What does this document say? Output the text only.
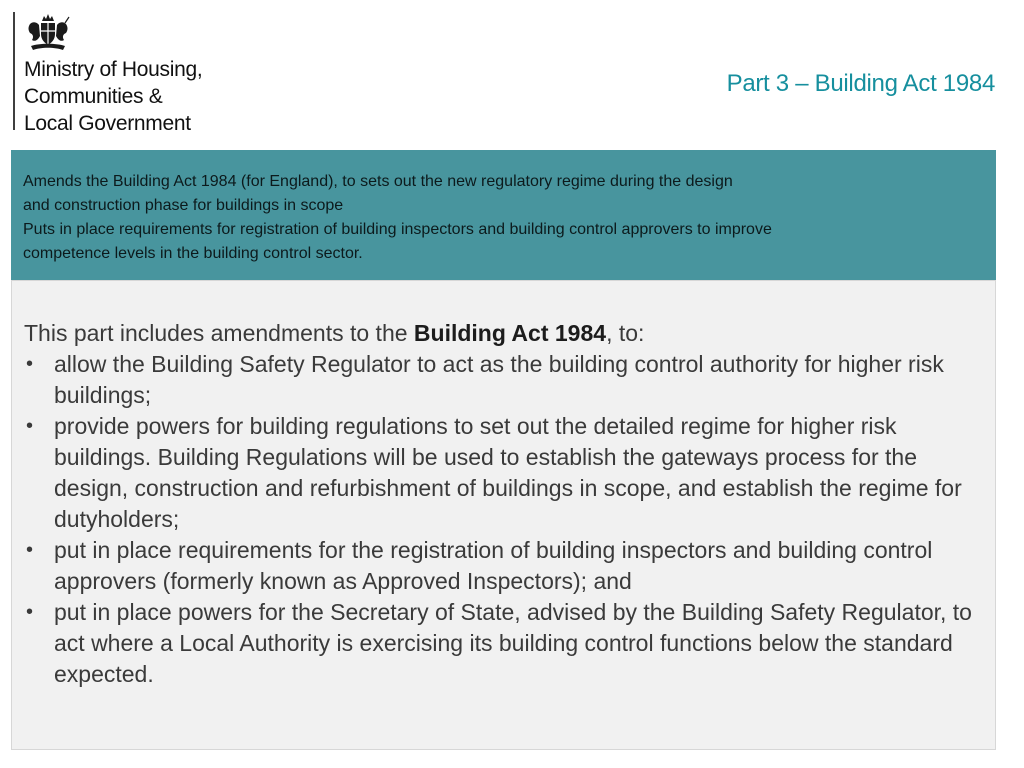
Ministry of Housing,
Communities &
Local Government
Part 3 – Building Act 1984

Amends the Building Act 1984 (for England), to sets out the new regulatory regime during the design

and construction phase for buildings in scope

Puts in place requirements for registration of building inspectors and building control approvers to improve

competence levels in the building control sector.

This part includes amendments to the Building Act 1984, to:

• allow the Building Safety Regulator to act as the building control authority for higher risk buildings;
• provide powers for building regulations to set out the detailed regime for higher risk buildings. Building Regulations will be used to establish the gateways process for the design, construction and refurbishment of buildings in scope, and establish the regime for dutyholders;
• put in place requirements for the registration of building inspectors and building control approvers (formerly known as Approved Inspectors); and
• put in place powers for the Secretary of State, advised by the Building Safety Regulator, to act where a Local Authority is exercising its building control functions below the standard expected.
